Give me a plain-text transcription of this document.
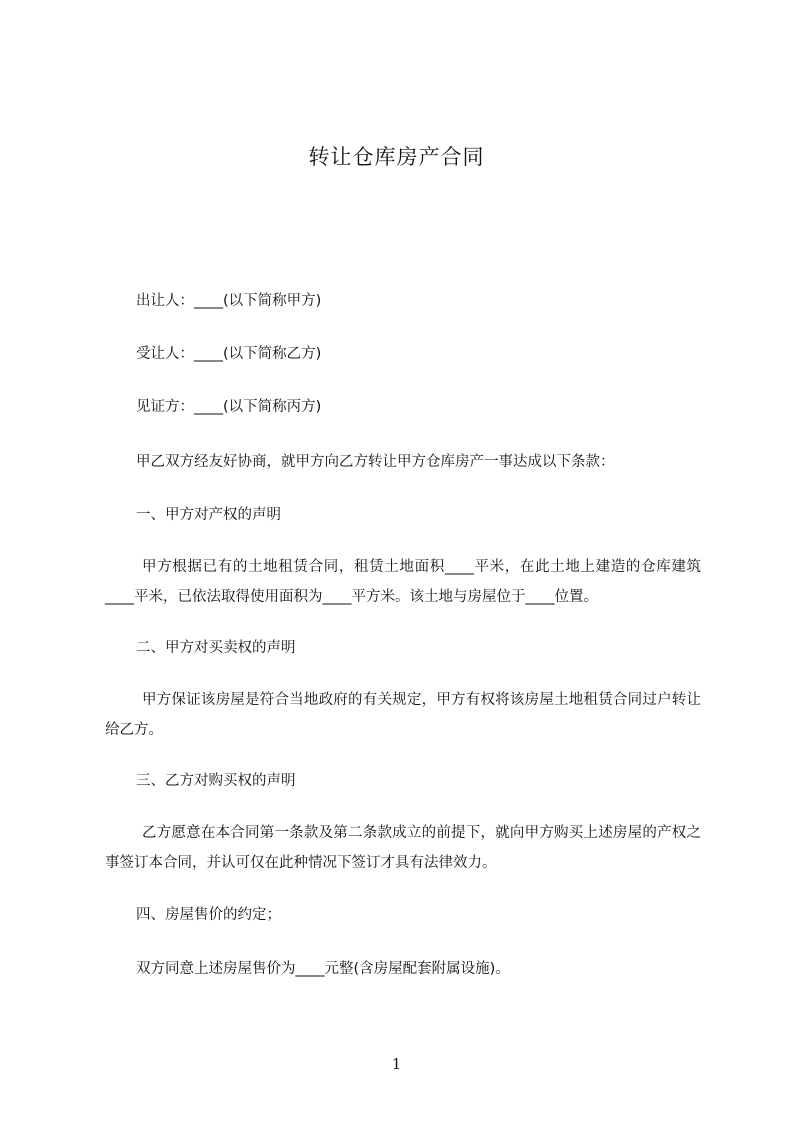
转让仓库房产合同
出让人：____(以下简称甲方)
受让人：____(以下简称乙方)
见证方：____(以下简称丙方)
甲乙双方经友好协商，就甲方向乙方转让甲方仓库房产一事达成以下条款：
一、甲方对产权的声明
甲方根据已有的土地租赁合同，租赁土地面积____平米，在此土地上建造的仓库建筑____平米，已依法取得使用面积为____平方米。该土地与房屋位于____位置。
二、甲方对买卖权的声明
甲方保证该房屋是符合当地政府的有关规定，甲方有权将该房屋土地租赁合同过户转让给乙方。
三、乙方对购买权的声明
乙方愿意在本合同第一条款及第二条款成立的前提下，就向甲方购买上述房屋的产权之事签订本合同，并认可仅在此种情况下签订才具有法律效力。
四、房屋售价的约定；
双方同意上述房屋售价为____元整(含房屋配套附属设施)。
1
